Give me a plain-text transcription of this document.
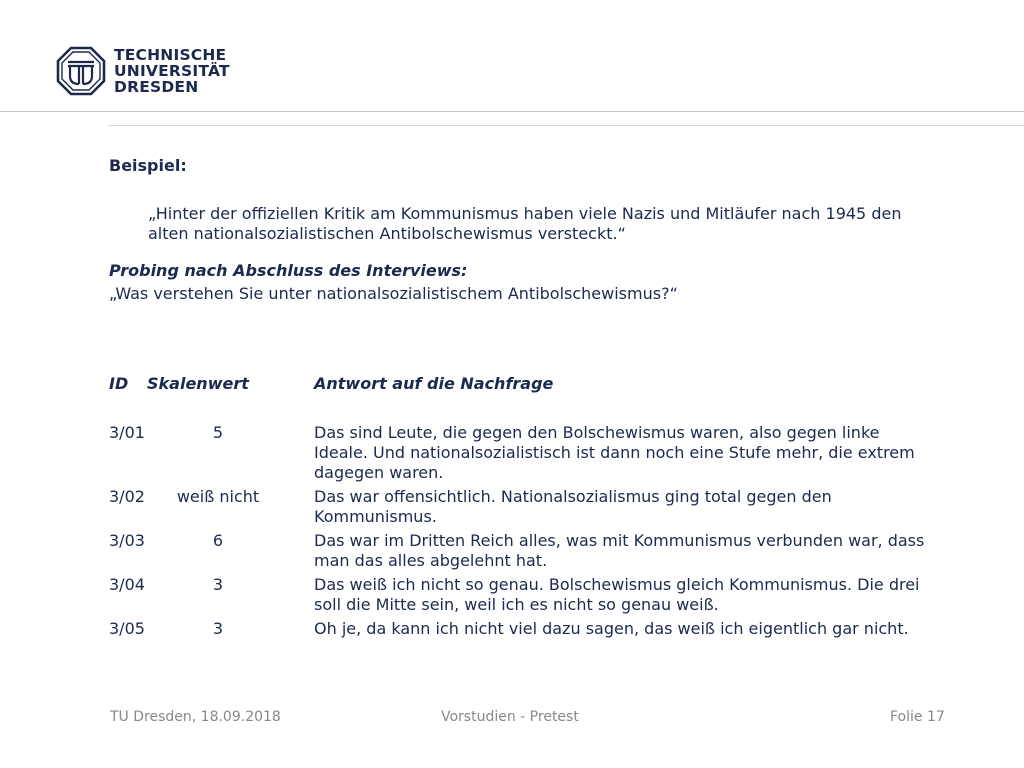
TECHNISCHE
UNIVERSITÄT
DRESDEN
Beispiel:
„Hinter der offiziellen Kritik am Kommunismus haben viele Nazis und Mitläufer nach 1945 den alten nationalsozialistischen Antibolschewismus versteckt.“
Probing nach Abschluss des Interviews:
„Was verstehen Sie unter nationalsozialistischem Antibolschewismus?“
ID Skalenwert	Antwort auf die Nachfrage
3/01	5	Das sind Leute, die gegen den Bolschewismus waren, also gegen linke Ideale. Und nationalsozialistisch ist dann noch eine Stufe mehr, die extrem dagegen waren.
3/02	weiß nicht	Das war offensichtlich. Nationalsozialismus ging total gegen den Kommunismus.
3/03	6	Das war im Dritten Reich alles, was mit Kommunismus verbunden war, dass man das alles abgelehnt hat.
3/04	3	Das weiß ich nicht so genau. Bolschewismus gleich Kommunismus. Die drei soll die Mitte sein, weil ich es nicht so genau weiß.
3/05	3	Oh je, da kann ich nicht viel dazu sagen, das weiß ich eigentlich gar nicht.
TU Dresden, 18.09.2018	Vorstudien - Pretest	Folie 17
